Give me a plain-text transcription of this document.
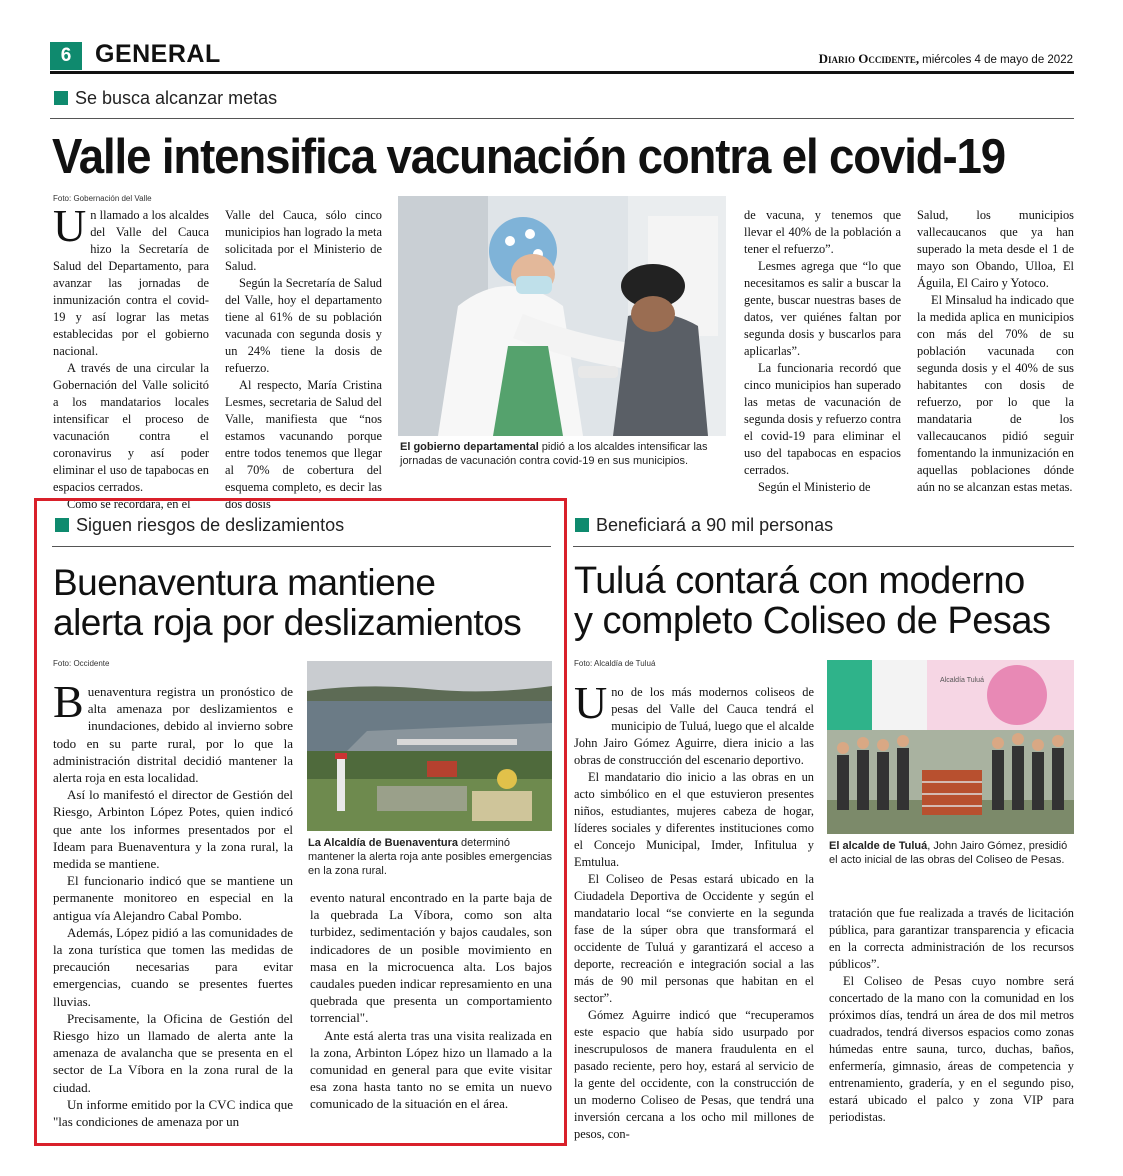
6 GENERAL	Diario Occidente, miércoles 4 de mayo de 2022
Se busca alcanzar metas
Valle intensifica vacunación contra el covid-19
Foto: Gobernación del Valle

Un llamado a los alcaldes del Valle del Cauca hizo la Secretaría de Salud del Departamento, para avanzar las jornadas de inmunización contra el covid-19 y así lograr las metas establecidas por el gobierno nacional.

A través de una circular la Gobernación del Valle solicitó a los mandatarios locales intensificar el proceso de vacunación contra el coronavirus y así poder eliminar el uso de tapabocas en espacios cerrados.

Como se recordará, en el

Valle del Cauca, sólo cinco municipios han logrado la meta solicitada por el Ministerio de Salud.

Según la Secretaría de Salud del Valle, hoy el departamento tiene al 61% de su población vacunada con segunda dosis y un 24% tiene la dosis de refuerzo.

Al respecto, María Cristina Lesmes, secretaria de Salud del Valle, manifiesta que “nos estamos vacunando porque entre todos tenemos que llegar al 70% de cobertura del esquema completo, es decir las dos dosis

El gobierno departamental pidió a los alcaldes intensificar las jornadas de vacunación contra covid-19 en sus municipios.

de vacuna, y tenemos que llevar el 40% de la población a tener el refuerzo”.

Lesmes agrega que “lo que necesitamos es salir a buscar la gente, buscar nuestras bases de datos, ver quiénes faltan por segunda dosis y buscarlos para aplicarlas”.

La funcionaria recordó que cinco municipios han superado las metas de vacunación de segunda dosis y refuerzo contra el covid-19 para eliminar el uso del tapabocas en espacios cerrados.

Según el Ministerio de

Salud, los municipios vallecaucanos que ya han superado la meta desde el 1 de mayo son Obando, Ulloa, El Águila, El Cairo y Yotoco.

El Minsalud ha indicado que la medida aplica en municipios con más del 70% de su población vacunada con segunda dosis y el 40% de sus habitantes con dosis de refuerzo, por lo que la mandataria de los vallecaucanos pidió seguir fomentando la inmunización en aquellas poblaciones dónde aún no se alcanzan estas metas.

Siguen riesgos de deslizamientos
Buenaventura mantiene
alerta roja por deslizamientos
Foto: Occidente

Buenaventura registra un pronóstico de alta amenaza por deslizamientos e inundaciones, debido al invierno sobre todo en su parte rural, por lo que la administración distrital decidió mantener la alerta roja en esta localidad.

Así lo manifestó el director de Gestión del Riesgo, Arbinton López Potes, quien indicó que ante los informes presentados por el Ideam para Buenaventura y la zona rural, la medida se mantiene.

El funcionario indicó que se mantiene un permanente monitoreo en especial en la antigua vía Alejandro Cabal Pombo.

Además, López pidió a las comunidades de la zona turística que tomen las medidas de precaución necesarias para evitar emergencias, cuando se presentes fuertes lluvias.

Precisamente, la Oficina de Gestión del Riesgo hizo un llamado de alerta ante la amenaza de avalancha que se presenta en el sector de La Víbora en la zona rural de la ciudad.

Un informe emitido por la CVC indica que "las condiciones de amenaza por un

La Alcaldía de Buenaventura determinó mantener la alerta roja ante posibles emergencias en la zona rural.

evento natural encontrado en la parte baja de la quebrada La Víbora, como son alta turbidez, sedimentación y bajos caudales, son indicadores de un posible movimiento en masa en la microcuenca alta. Los bajos caudales pueden indicar represamiento en una quebrada que presenta un comportamiento torrencial".

Ante está alerta tras una visita realizada en la zona, Arbinton López hizo un llamado a la comunidad en general para que evite visitar esa zona hasta tanto no se emita un nuevo comunicado de la situación en el área.

Beneficiará a 90 mil personas
Tuluá contará con moderno
y completo Coliseo de Pesas
Foto: Alcaldía de Tuluá

Uno de los más modernos coliseos de pesas del Valle del Cauca tendrá el municipio de Tuluá, luego que el alcalde John Jairo Gómez Aguirre, diera inicio a las obras de construcción del escenario deportivo.

El mandatario dio inicio a las obras en un acto simbólico en el que estuvieron presentes niños, estudiantes, mujeres cabeza de hogar, líderes sociales y diferentes instituciones como el Concejo Municipal, Imder, Infitulua y Emtulua.

El Coliseo de Pesas estará ubicado en la Ciudadela Deportiva de Occidente y según el mandatario local “se convierte en la segunda fase de la súper obra que transformará el occidente de Tuluá y garantizará el acceso a deporte, recreación e integración social a las más de 90 mil personas que habitan en el sector”.

Gómez Aguirre indicó que “recuperamos este espacio que había sido usurpado por inescrupulosos de manera fraudulenta en el pasado reciente, pero hoy, estará al servicio de la gente del occidente, con la construcción de un moderno Coliseo de Pesas, que tendrá una inversión cercana a los ocho mil millones de pesos, con-

Alcaldía Tuluá
El alcalde de Tuluá, John Jairo Gómez, presidió el acto inicial de las obras del Coliseo de Pesas.

tratación que fue realizada a través de licitación pública, para garantizar transparencia y eficacia en la correcta administración de los recursos públicos”.

El Coliseo de Pesas cuyo nombre será concertado de la mano con la comunidad en los próximos días, tendrá un área de dos mil metros cuadrados, tendrá diversos espacios como zonas húmedas entre sauna, turco, duchas, baños, enfermería, gimnasio, áreas de competencia y entrenamiento, gradería, y en el segundo piso, estará ubicado el palco y zona VIP para periodistas.
